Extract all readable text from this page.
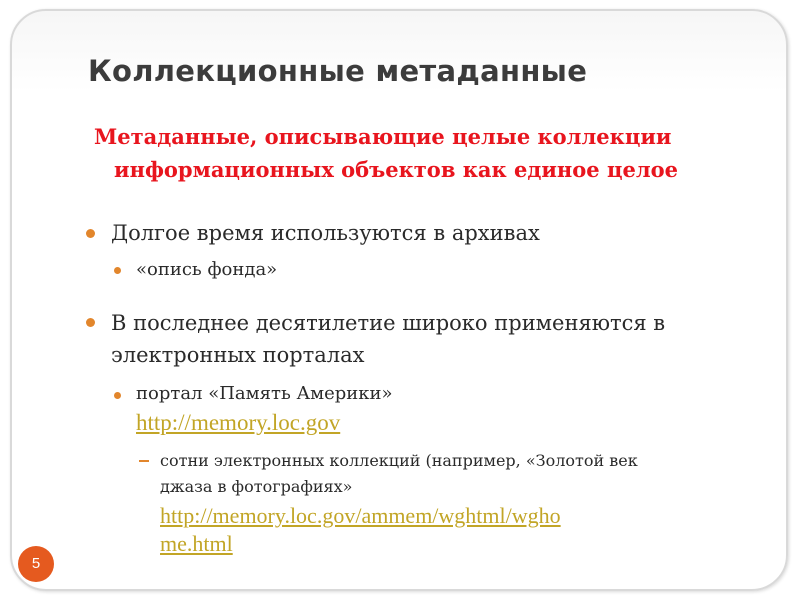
Коллекционные метаданные

Метаданные, описывающие целые коллекции
информационных объектов как единое целое

Долгое время используются в архивах
«опись фонда»
В последнее десятилетие широко применяются в
электронных порталах
портал «Память Америки»
http://memory.loc.gov
сотни электронных коллекций (например, «Золотой век
джаза в фотографиях»
http://memory.loc.gov/ammem/wghtml/wgho
me.html
5
